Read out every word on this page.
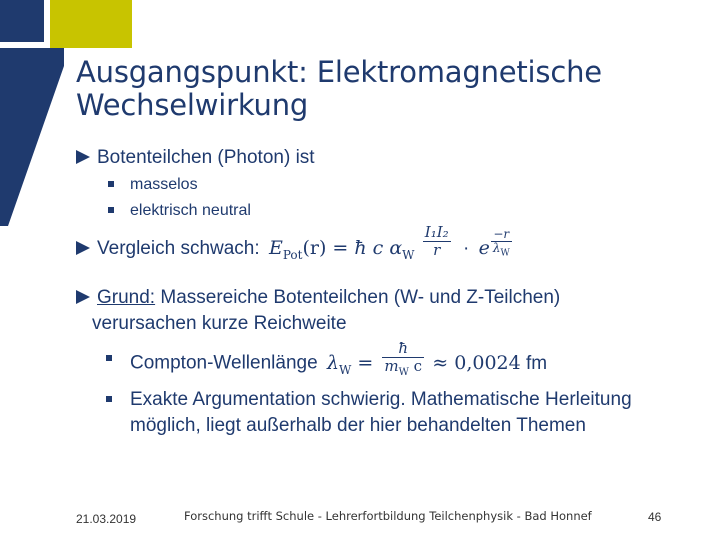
Ausgangspunkt: Elektromagnetische Wechselwirkung
Botenteilchen (Photon) ist
masselos
elektrisch neutral
Vergleich schwach: $E_{Pot}(r)$ = ħ c $\alpha_W \frac{\text{I₁I₂}}{r} \cdot e \frac{-r}{\lambda_W}$
Grund: Massereiche Botenteilchen (W- und Z-Teilchen)
verursachen kurze Reichweite
Compton-Wellenlänge $\lambda_W = \frac{ħ}{m_W c} \approx 0,0024$ fm
Exakte Argumentation schwierig. Mathematische Herleitung
möglich, liegt außerhalb der hier behandelten Themen
21.03.2019	Forschung trifft Schule - Lehrerfortbildung Teilchenphysik - Bad Honnef	46
